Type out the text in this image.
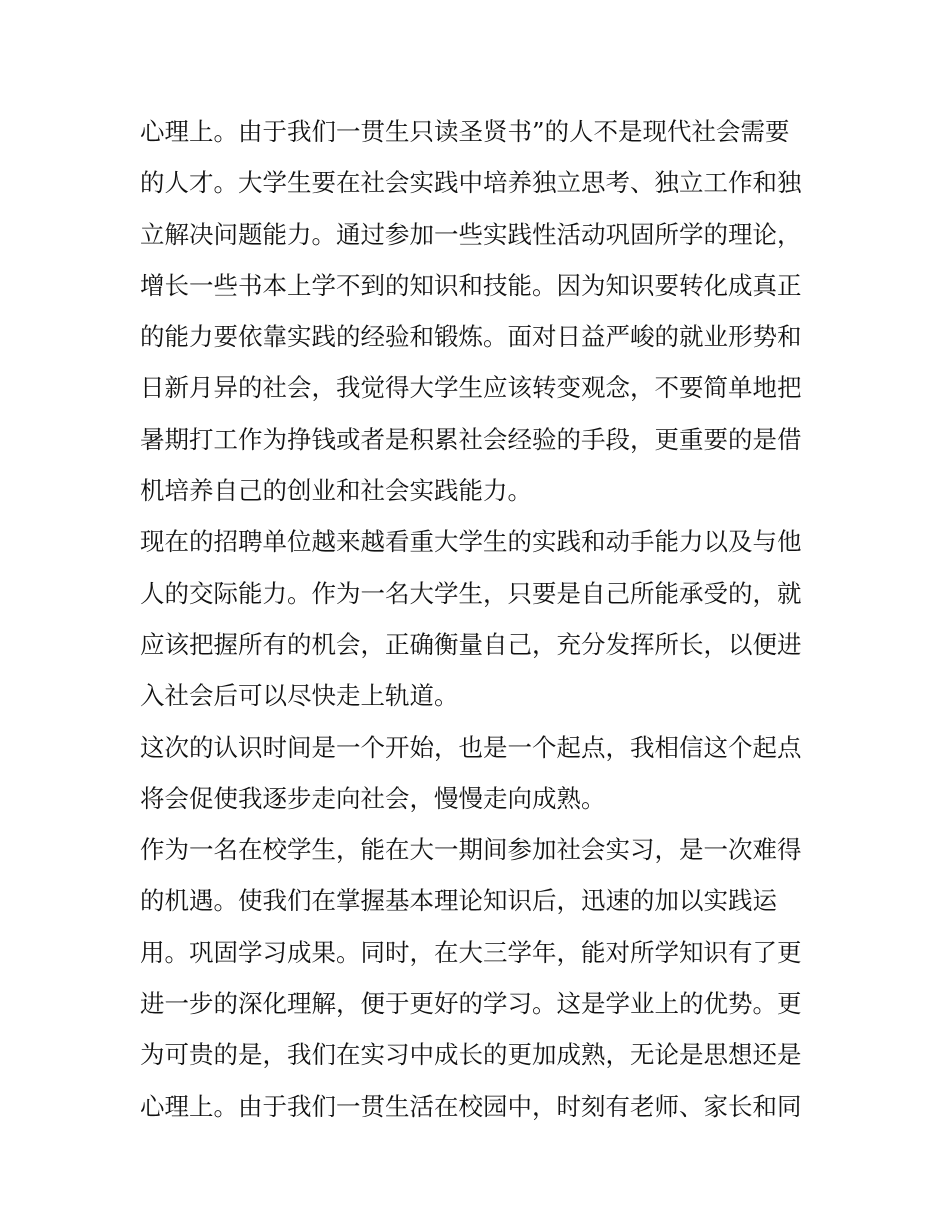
心理上。由于我们一贯生只读圣贤书”的人不是现代社会需要
的人才。大学生要在社会实践中培养独立思考、独立工作和独
立解决问题能力。通过参加一些实践性活动巩固所学的理论，
增长一些书本上学不到的知识和技能。因为知识要转化成真正
的能力要依靠实践的经验和锻炼。面对日益严峻的就业形势和
日新月异的社会，我觉得大学生应该转变观念，不要简单地把
暑期打工作为挣钱或者是积累社会经验的手段，更重要的是借
机培养自己的创业和社会实践能力。
现在的招聘单位越来越看重大学生的实践和动手能力以及与他
人的交际能力。作为一名大学生，只要是自己所能承受的，就
应该把握所有的机会，正确衡量自己，充分发挥所长，以便进
入社会后可以尽快走上轨道。
这次的认识时间是一个开始，也是一个起点，我相信这个起点
将会促使我逐步走向社会，慢慢走向成熟。
作为一名在校学生，能在大一期间参加社会实习，是一次难得
的机遇。使我们在掌握基本理论知识后，迅速的加以实践运
用。巩固学习成果。同时，在大三学年，能对所学知识有了更
进一步的深化理解，便于更好的学习。这是学业上的优势。更
为可贵的是，我们在实习中成长的更加成熟，无论是思想还是
心理上。由于我们一贯生活在校园中，时刻有老师、家长和同
